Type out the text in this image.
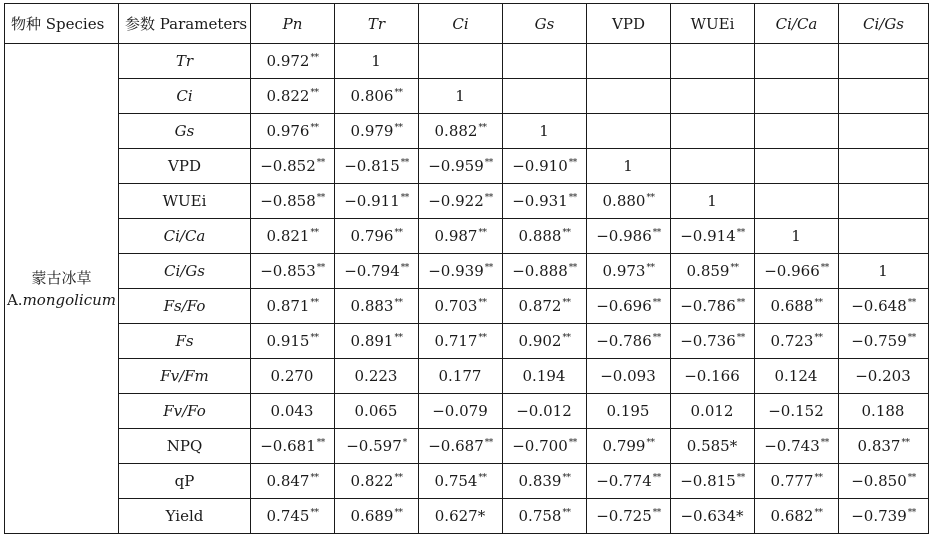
物种 Species	参数 Parameters	Pn	Tr	Ci	Gs	VPD	WUEi	Ci/Ca	Ci/Gs

蒙古冰草
A.mongolicum	Tr	0.972**	1						
	Ci	0.822**	0.806**	1					
	Gs	0.976**	0.979**	0.882**	1				
	VPD	−0.852**	−0.815**	−0.959**	−0.910**	1			
	WUEi	−0.858**	−0.911**	−0.922**	−0.931**	0.880**	1		
	Ci/Ca	0.821**	0.796**	0.987**	0.888**	−0.986**	−0.914**	1	
	Ci/Gs	−0.853**	−0.794**	−0.939**	−0.888**	0.973**	0.859**	−0.966**	1
	Fs/Fo	0.871**	0.883**	0.703**	0.872**	−0.696**	−0.786**	0.688**	−0.648**
	Fs	0.915**	0.891**	0.717**	0.902**	−0.786**	−0.736**	0.723**	−0.759**
	Fv/Fm	0.270	0.223	0.177	0.194	−0.093	−0.166	0.124	−0.203
	Fv/Fo	0.043	0.065	−0.079	−0.012	0.195	0.012	−0.152	0.188
	NPQ	−0.681**	−0.597*	−0.687**	−0.700**	0.799**	0.585*	−0.743**	0.837**
	qP	0.847**	0.822**	0.754**	0.839**	−0.774**	−0.815**	0.777**	−0.850**
	Yield	0.745**	0.689**	0.627*	0.758**	−0.725**	−0.634*	0.682**	−0.739**
